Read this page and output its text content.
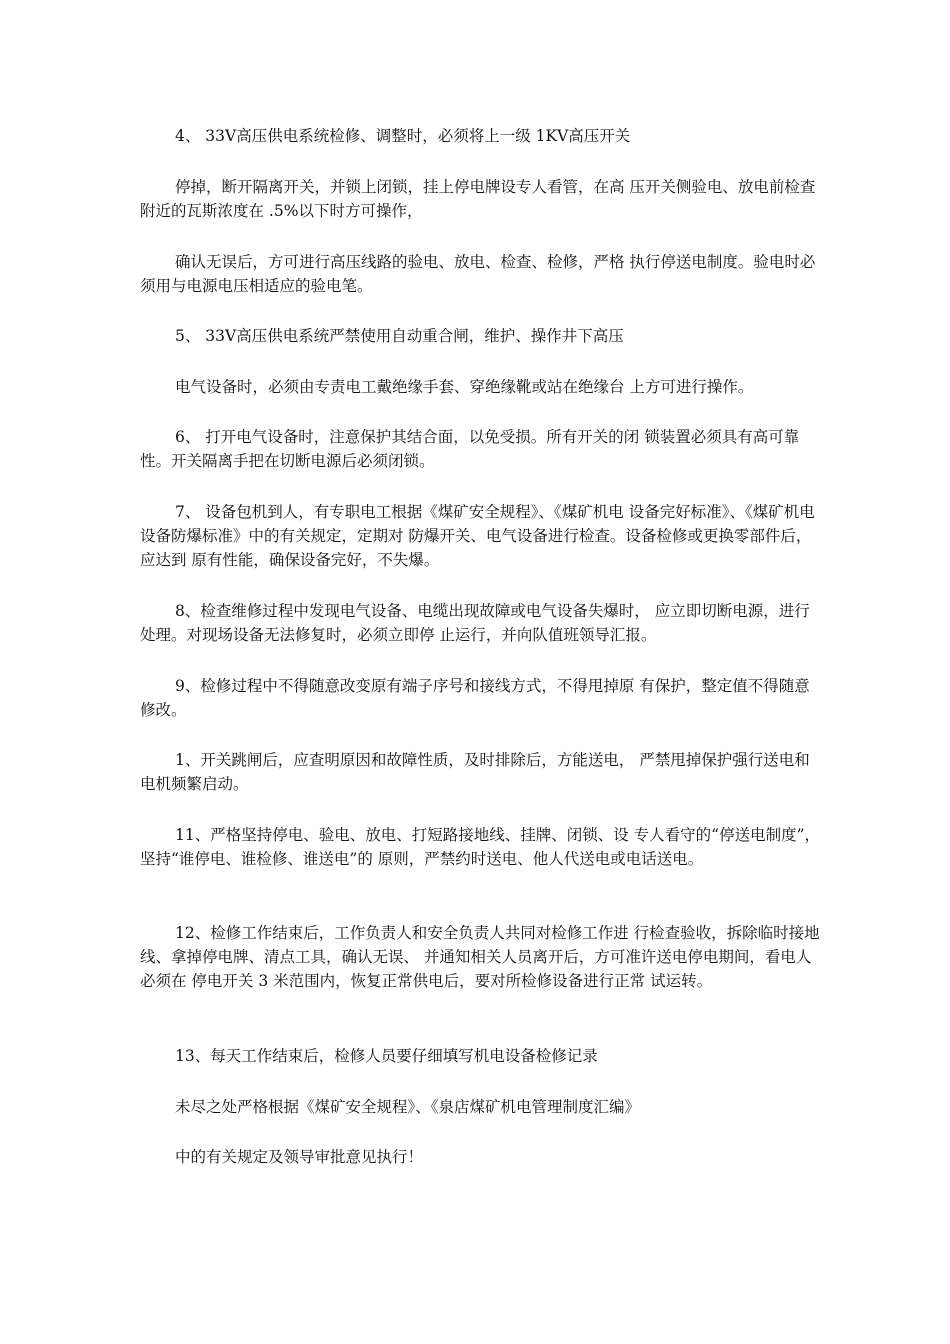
4、 33V高压供电系统检修、调整时，必须将上一级 1KV高压开关

停掉，断开隔离开关，并锁上闭锁，挂上停电牌设专人看管，在高 压开关侧验电、放电前检查附近的瓦斯浓度在 .5%以下时方可操作，

确认无误后，方可进行高压线路的验电、放电、检查、检修，严格 执行停送电制度。验电时必须用与电源电压相适应的验电笔。

5、 33V高压供电系统严禁使用自动重合闸，维护、操作井下高压

电气设备时，必须由专责电工戴绝缘手套、穿绝缘靴或站在绝缘台 上方可进行操作。

6、 打开电气设备时，注意保护其结合面，以免受损。所有开关的闭 锁装置必须具有高可靠性。开关隔离手把在切断电源后必须闭锁。

7、 设备包机到人，有专职电工根据《煤矿安全规程》、《煤矿机电 设备完好标准》、《煤矿机电设备防爆标准》中的有关规定，定期对 防爆开关、电气设备进行检查。设备检修或更换零部件后，应达到 原有性能，确保设备完好，不失爆。

8、检查维修过程中发现电气设备、电缆出现故障或电气设备失爆时， 应立即切断电源，进行处理。对现场设备无法修复时，必须立即停 止运行，并向队值班领导汇报。

9、检修过程中不得随意改变原有端子序号和接线方式，不得甩掉原 有保护，整定值不得随意修改。

1、开关跳闸后，应查明原因和故障性质，及时排除后，方能送电， 严禁甩掉保护强行送电和电机频繁启动。

11、严格坚持停电、验电、放电、打短路接地线、挂牌、闭锁、设 专人看守的“停送电制度”，坚持“谁停电、谁检修、谁送电”的 原则，严禁约时送电、他人代送电或电话送电。

12、检修工作结束后，工作负责人和安全负责人共同对检修工作进 行检查验收，拆除临时接地线、拿掉停电牌、清点工具，确认无误、 并通知相关人员离开后，方可准许送电停电期间，看电人必须在 停电开关 3 米范围内，恢复正常供电后，要对所检修设备进行正常 试运转。

13、每天工作结束后，检修人员要仔细填写机电设备检修记录

未尽之处严格根据《煤矿安全规程》、《泉店煤矿机电管理制度汇编》

中的有关规定及领导审批意见执行！
